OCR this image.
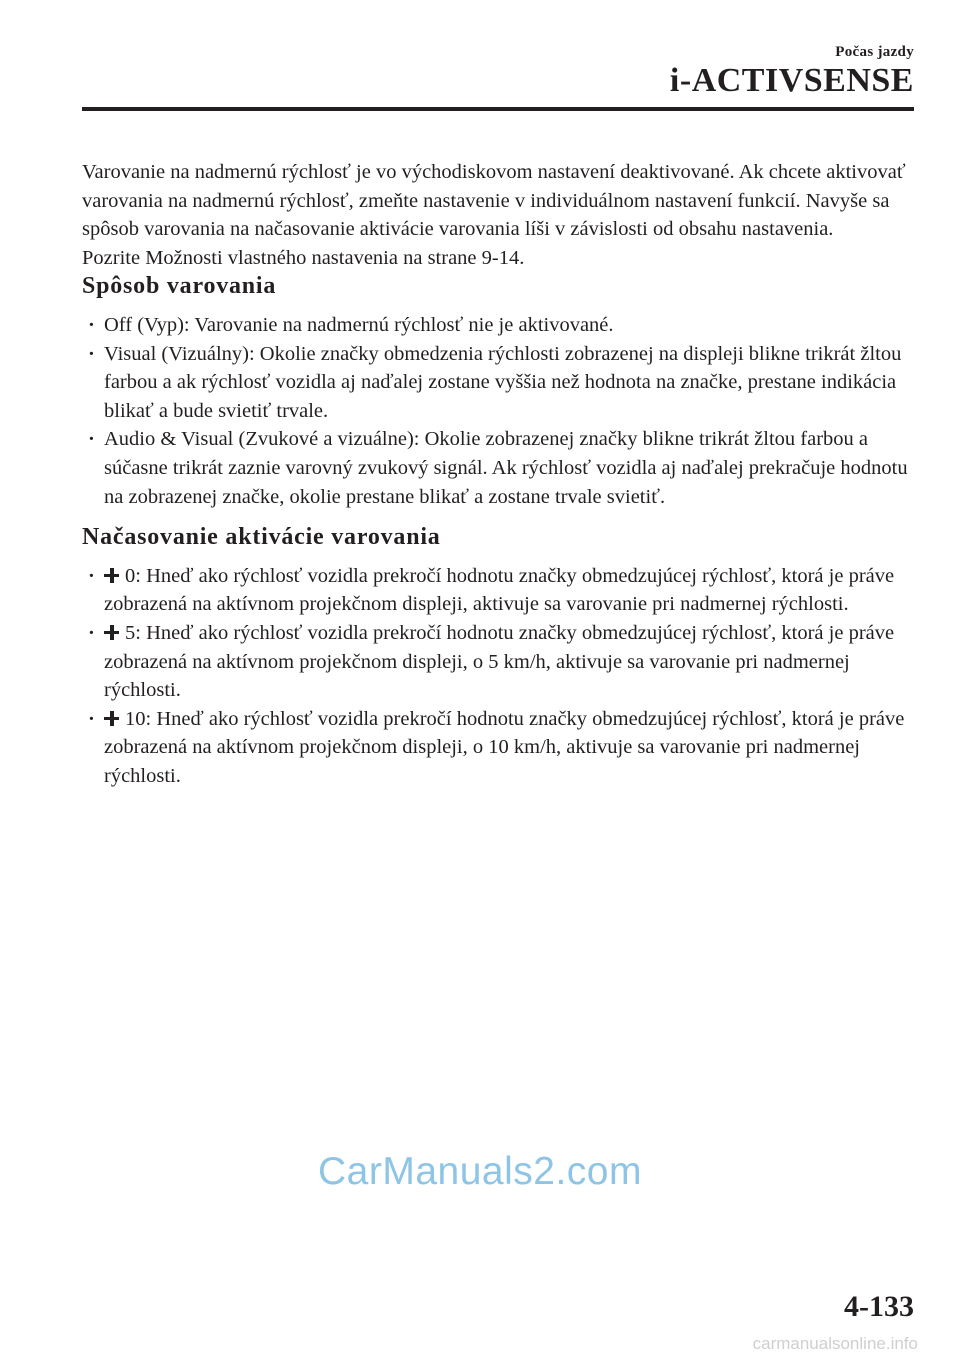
Počas jazdy
i-ACTIVSENSE

Varovanie na nadmernú rýchlosť je vo východiskovom nastavení deaktivované. Ak chcete aktivovať varovania na nadmernú rýchlosť, zmeňte nastavenie v individuálnom nastavení funkcií. Navyše sa spôsob varovania na načasovanie aktivácie varovania líši v závislosti od obsahu nastavenia.

Pozrite Možnosti vlastného nastavenia na strane 9-14.

Spôsob varovania
· Off (Vyp): Varovanie na nadmernú rýchlosť nie je aktivované.
· Visual (Vizuálny): Okolie značky obmedzenia rýchlosti zobrazenej na displeji blikne trikrát žltou farbou a ak rýchlosť vozidla aj naďalej zostane vyššia než hodnota na značke, prestane indikácia blikať a bude svietiť trvale.
· Audio & Visual (Zvukové a vizuálne): Okolie zobrazenej značky blikne trikrát žltou farbou a súčasne trikrát zaznie varovný zvukový signál. Ak rýchlosť vozidla aj naďalej prekračuje hodnotu na zobrazenej značke, okolie prestane blikať a zostane trvale svietiť.
Načasovanie aktivácie varovania
· 0: Hneď ako rýchlosť vozidla prekročí hodnotu značky obmedzujúcej rýchlosť, ktorá je práve zobrazená na aktívnom projekčnom displeji, aktivuje sa varovanie pri nadmernej rýchlosti.
· 5: Hneď ako rýchlosť vozidla prekročí hodnotu značky obmedzujúcej rýchlosť, ktorá je práve zobrazená na aktívnom projekčnom displeji, o 5 km/h, aktivuje sa varovanie pri nadmernej rýchlosti.
· 10: Hneď ako rýchlosť vozidla prekročí hodnotu značky obmedzujúcej rýchlosť, ktorá je práve zobrazená na aktívnom projekčnom displeji, o 10 km/h, aktivuje sa varovanie pri nadmernej rýchlosti.
CarManuals2.com
4-133
carmanualsonline.info
